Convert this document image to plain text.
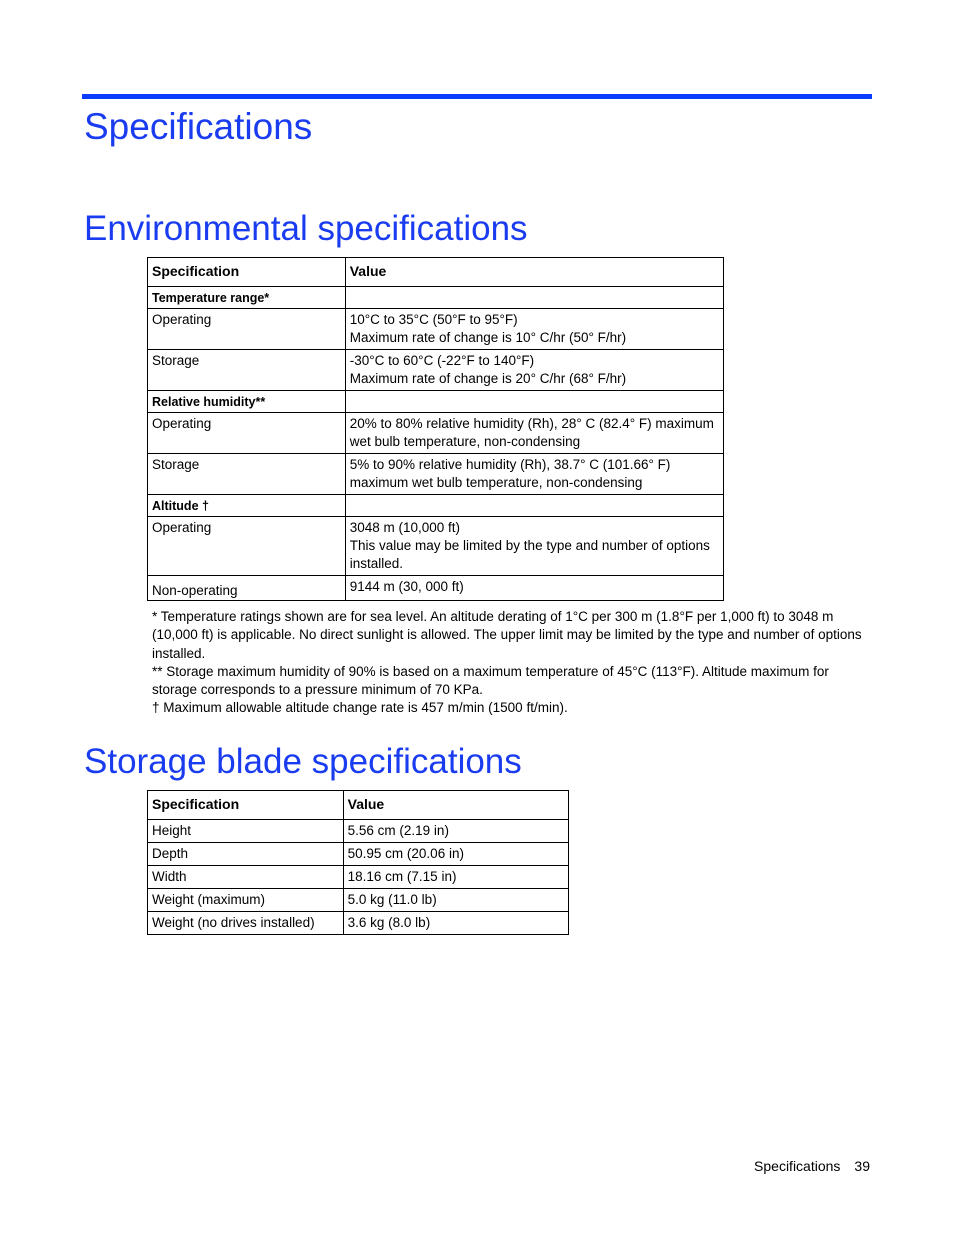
Specifications
Environmental specifications
Specification	Value
Temperature range*	
Operating	10°C to 35°C (50°F to 95°F)
Maximum rate of change is 10° C/hr (50° F/hr)

Storage	-30°C to 60°C (-22°F to 140°F)
Maximum rate of change is 20° C/hr (68° F/hr)

Relative humidity**	
Operating	20% to 80% relative humidity (Rh), 28° C (82.4° F) maximum wet bulb temperature, non-condensing
Storage	5% to 90% relative humidity (Rh), 38.7° C (101.66° F) maximum wet bulb temperature, non-condensing
Altitude †	
Operating	3048 m (10,000 ft)
This value may be limited by the type and number of options installed.

Non-operating	9144 m (30, 000 ft)

* Temperature ratings shown are for sea level. An altitude derating of 1°C per 300 m (1.8°F per 1,000 ft) to 3048 m (10,000 ft) is applicable. No direct sunlight is allowed. The upper limit may be limited by the type and number of options installed.

** Storage maximum humidity of 90% is based on a maximum temperature of 45°C (113°F). Altitude maximum for storage corresponds to a pressure minimum of 70 KPa.

† Maximum allowable altitude change rate is 457 m/min (1500 ft/min).

Storage blade specifications
Specification	Value
Height	5.56 cm (2.19 in)
Depth	50.95 cm (20.06 in)
Width	18.16 cm (7.15 in)
Weight (maximum)	5.0 kg (11.0 lb)
Weight (no drives installed)	3.6 kg (8.0 lb)
Specifications 39
